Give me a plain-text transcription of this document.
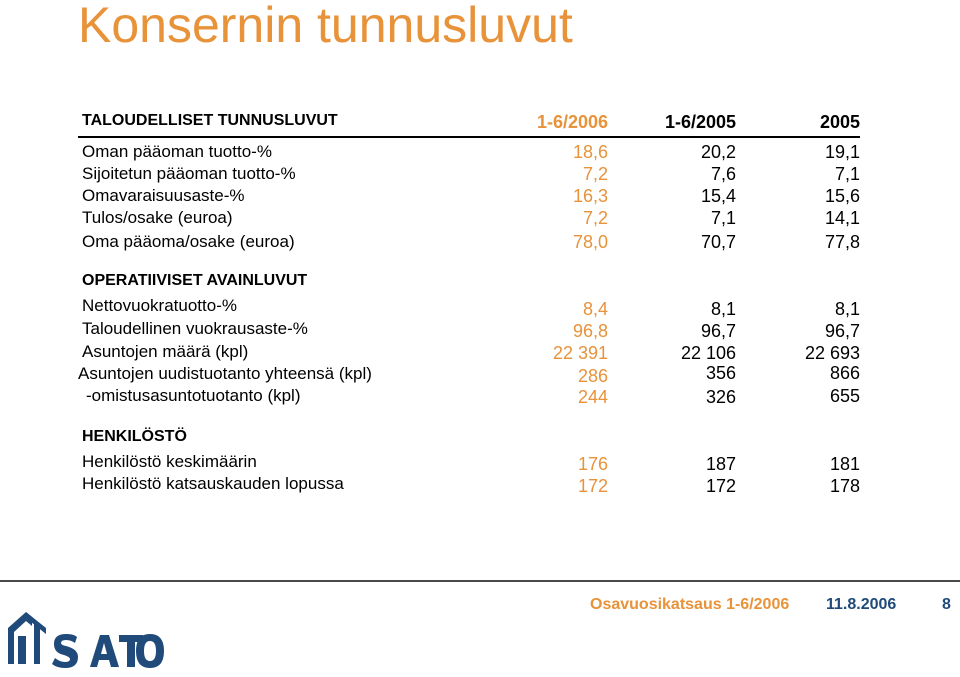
Konsernin tunnusluvut
TALOUDELLISET TUNNUSLUVUT	1-6/2006	1-6/2005	2005
Oman pääoman tuotto-%	18,6	20,2	19,1
Sijoitetun pääoman tuotto-%	7,2	7,6	7,1
Omavaraisuusaste-%	16,3	15,4	15,6
Tulos/osake (euroa)	7,2	7,1	14,1
Oma pääoma/osake (euroa)	78,0	70,7	77,8
OPERATIIVISET AVAINLUVUT
Nettovuokratuotto-%	8,4	8,1	8,1
Taloudellinen vuokrausaste-%	96,8	96,7	96,7
Asuntojen määrä (kpl)	22 391	22 106	22 693
Asuntojen uudistuotanto yhteensä (kpl)	286	356	866
-omistusasuntotuotanto (kpl)	244	326	655
HENKILÖSTÖ
Henkilöstö keskimäärin	176	187	181
Henkilöstö katsauskauden lopussa	172	172	178
Osavuosikatsaus 1-6/2006 11.8.2006	8
